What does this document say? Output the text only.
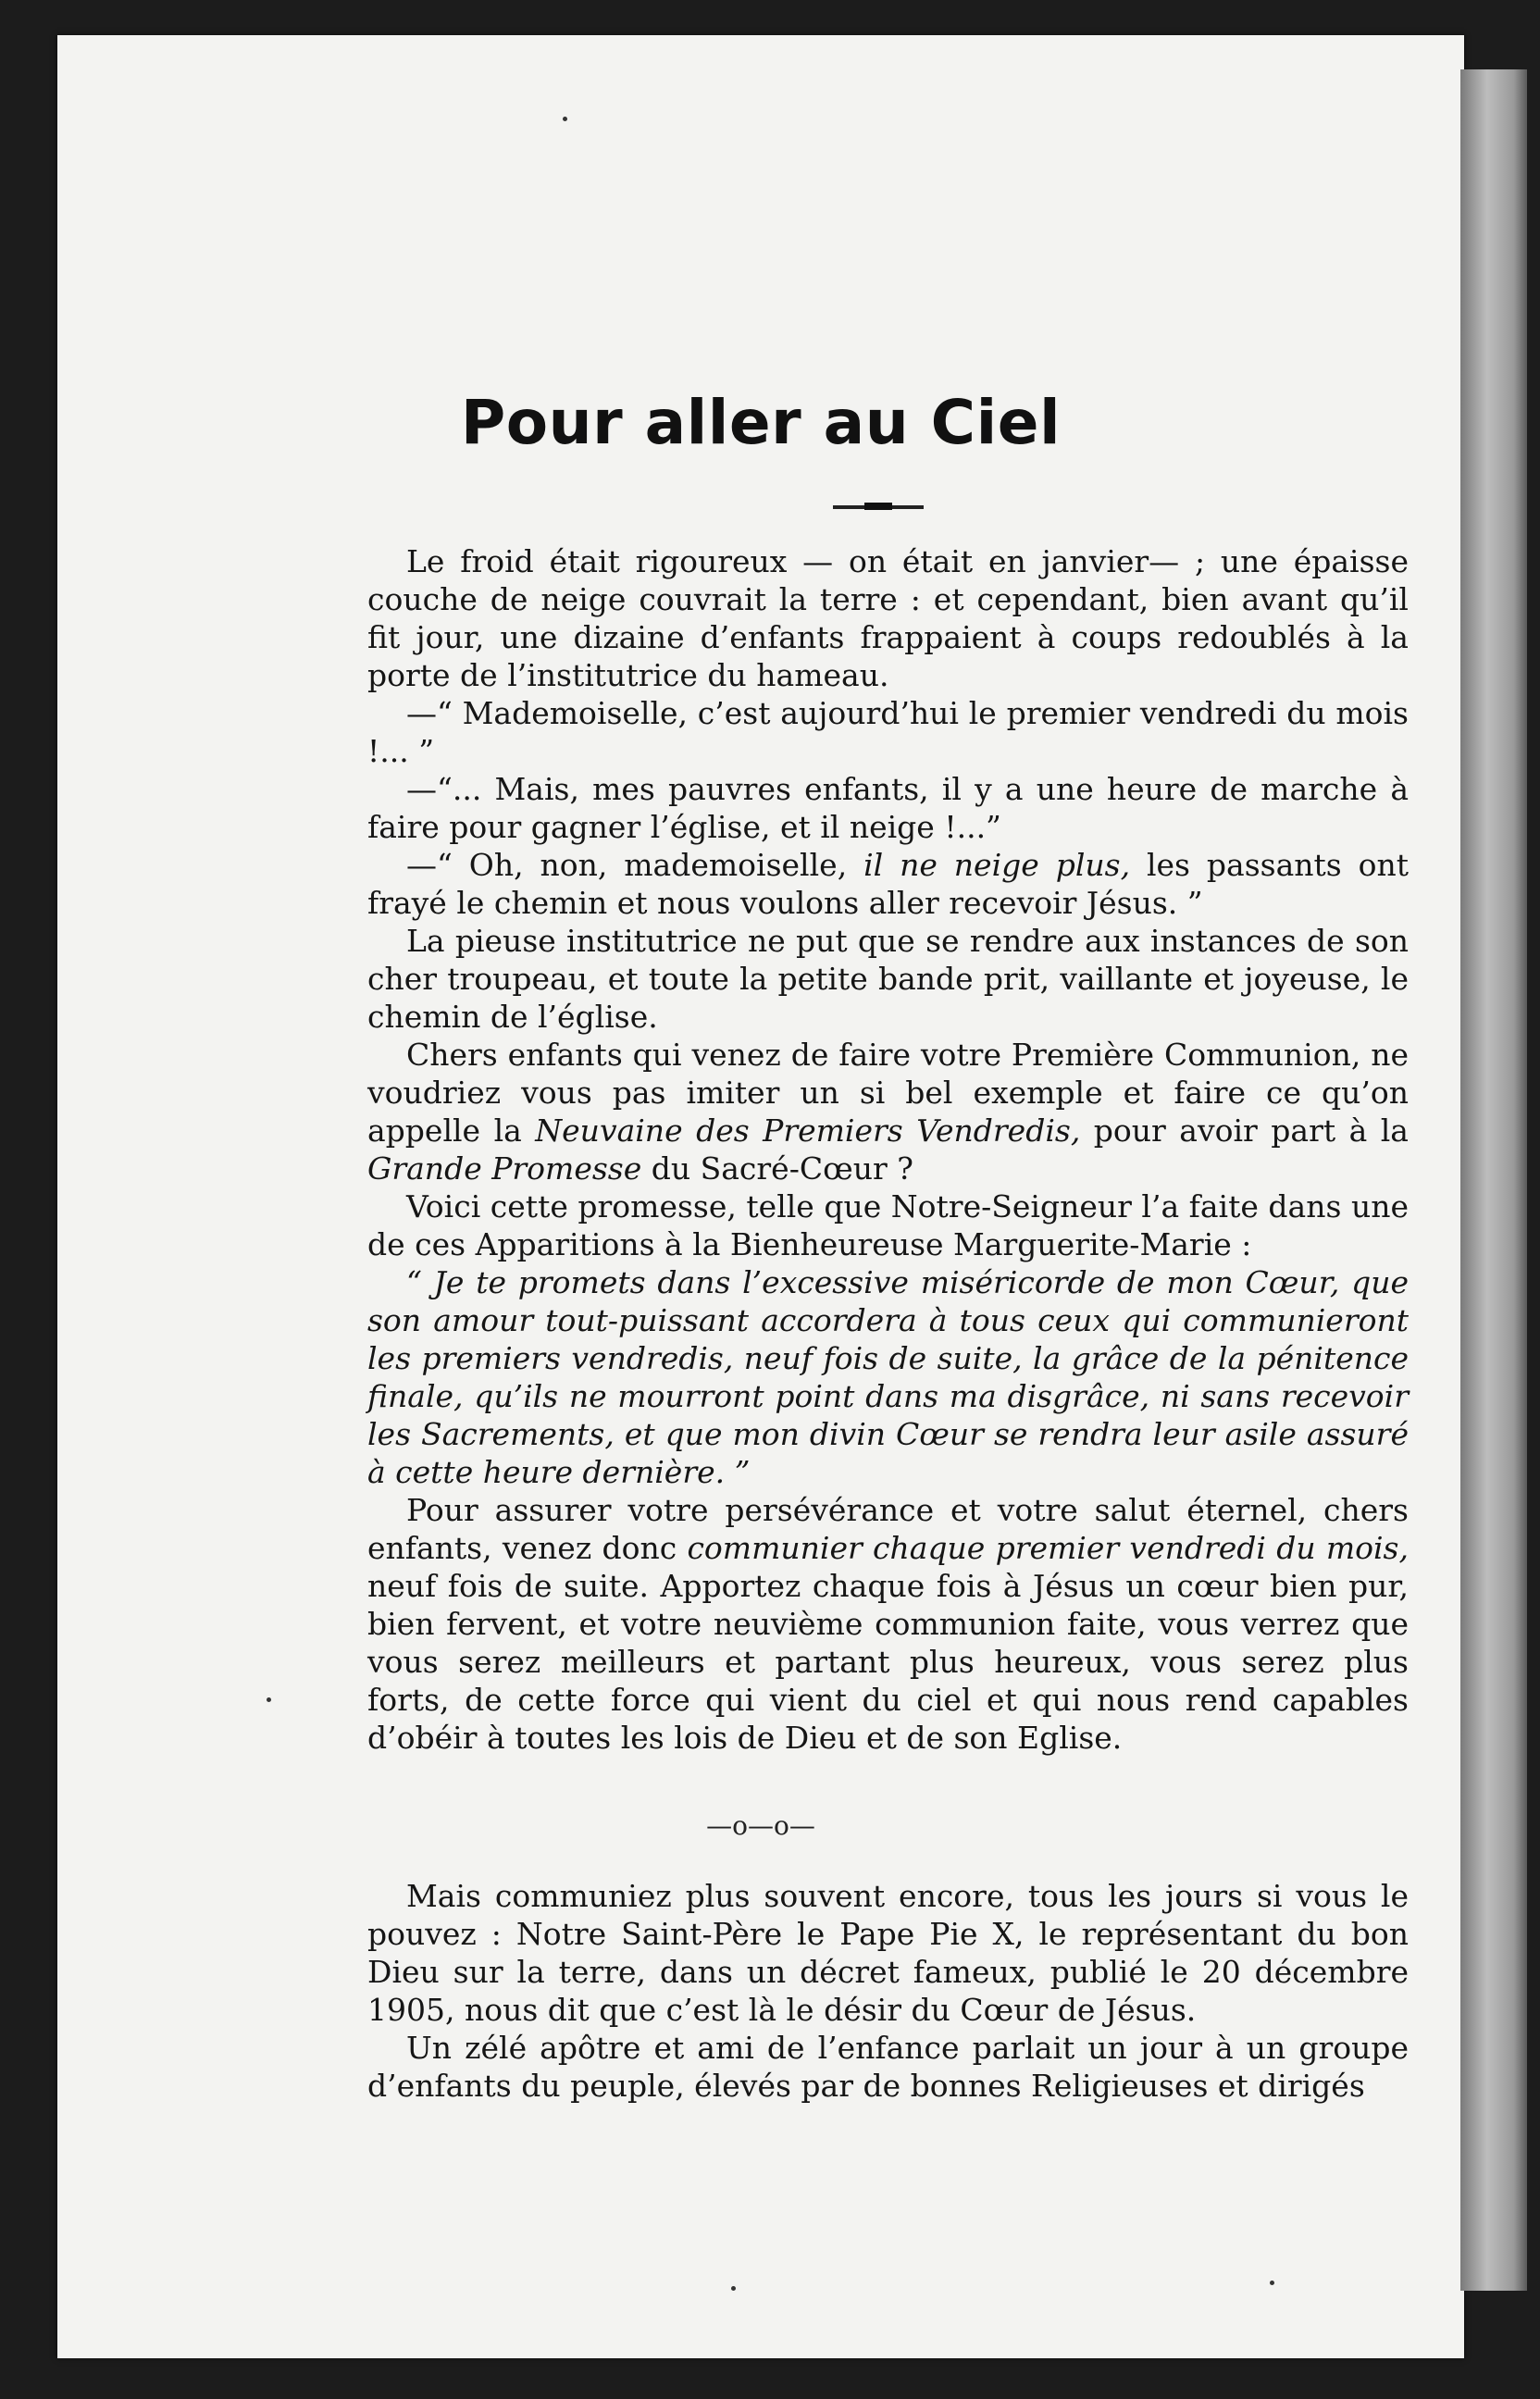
Pour aller au Ciel

Le froid était rigoureux — on était en janvier— ; une épaisse couche de neige couvrait la terre : et cependant, bien avant qu’il fit jour, une dizaine d’enfants frappaient à coups redoublés à la porte de l’institutrice du hameau.

—“ Mademoiselle, c’est aujourd’hui le premier vendredi du mois !... ”

—“... Mais, mes pauvres enfants, il y a une heure de marche à faire pour gagner l’église, et il neige !...”

—“ Oh, non, mademoiselle, il ne neige plus, les passants ont frayé le chemin et nous voulons aller recevoir Jésus. ”

La pieuse institutrice ne put que se rendre aux instances de son cher troupeau, et toute la petite bande prit, vaillante et joyeuse, le chemin de l’église.

Chers enfants qui venez de faire votre Première Communion, ne voudriez vous pas imiter un si bel exemple et faire ce qu’on appelle la Neuvaine des Premiers Vendredis, pour avoir part à la Grande Promesse du Sacré-Cœur ?

Voici cette promesse, telle que Notre-Seigneur l’a faite dans une de ces Apparitions à la Bienheureuse Marguerite-Marie :

“ Je te promets dans l’excessive miséricorde de mon Cœur, que son amour tout-puissant accordera à tous ceux qui communieront les premiers vendredis, neuf fois de suite, la grâce de la pénitence finale, qu’ils ne mourront point dans ma disgrâce, ni sans recevoir les Sacrements, et que mon divin Cœur se rendra leur asile assuré à cette heure dernière. ”

Pour assurer votre persévérance et votre salut éternel, chers enfants, venez donc communier chaque premier vendredi du mois, neuf fois de suite. Apportez chaque fois à Jésus un cœur bien pur, bien fervent, et votre neuvième communion faite, vous verrez que vous serez meilleurs et partant plus heureux, vous serez plus forts, de cette force qui vient du ciel et qui nous rend capables d’obéir à toutes les lois de Dieu et de son Eglise.

—o—o—

Mais communiez plus souvent encore, tous les jours si vous le pouvez : Notre Saint-Père le Pape Pie X, le représentant du bon Dieu sur la terre, dans un décret fameux, publié le 20 décembre 1905, nous dit que c’est là le désir du Cœur de Jésus.

Un zélé apôtre et ami de l’enfance parlait un jour à un groupe d’enfants du peuple, élevés par de bonnes Religieuses et dirigés
